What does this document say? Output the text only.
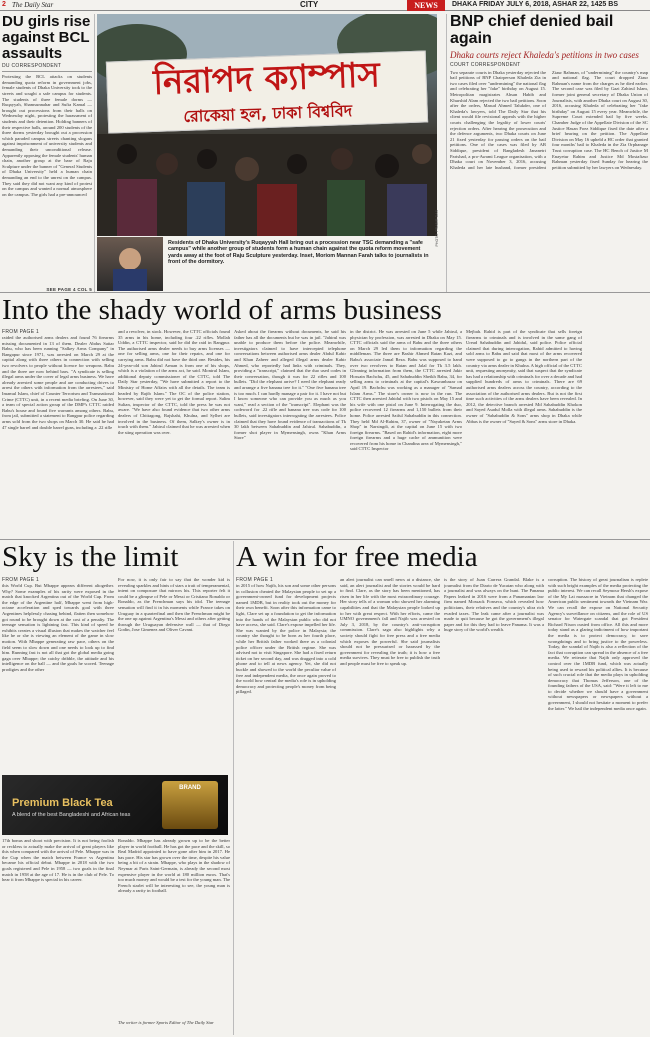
2 The Daily Star	CITY	DHAKA FRIDAY JULY 6, 2018, ASHAR 22, 1425 BS
NEWS
DU girls rise against BCL assaults
DU CORRESPONDENT
Protesting the BCL attacks on students demanding quota reform in government jobs, female students of Dhaka University took to the streets and sought a safe campus for students. The students of three female dorms — Ruqayyah, Shamsunnahar and Sufia Kamal — brought out processions from their halls on Wednesday night, protesting the harassment of students and their detention. Holding banners of their respective halls, around 200 students of the three dorms yesterday brought out a procession which paraded campus streets chanting slogans against imprisonment of university students and demanding their unconditional release. Apparently opposing the female students' human chain, another group at the base of Raju Sculpture under the banner of "General Students of Dhaka University" held a human chain demanding an end to the unrest on the campus. They said they did not want any kind of protest on the campus and wanted a normal atmosphere on the campus. The girls had a pre-announced
SEE PAGE 4 COL 5
নিরাপদ ক্যাম্পাস
রোকেয়া হল, ঢাকা বিশ্ববিদ
PHOTO: PRABIR DAS
Residents of Dhaka University's Ruqayyah Hall bring out a procession near TSC demanding a "safe campus" while another group of students form a human chain against the quota reform movement yards away at the foot of Raju Sculpture yesterday. Inset, Moriom Mannan Farah talks to journalists in front of the dormitory.
BNP chief denied bail again
Dhaka courts reject Khaleda's petitions in two cases
COURT CORRESPONDENT
Two separate courts in Dhaka yesterday rejected the bail petitions of BNP Chairperson Khaleda Zia in two cases filed over "undermining" the national flag and celebrating her "fake" birthday on August 15. Metropolitan magistrates Ahsan Habib and Khurshid Alam rejected the two bail petitions. Soon after the orders, Masud Ahmed Talukder, one of Khaleda's lawyers, told The Daily Star that his client would file revisional appeals with the higher courts challenging the legality of lower courts' rejection orders. After hearing the prosecution and the defence arguments, two Dhaka courts on June 21 fixed yesterday for passing orders on the bail petitions. One of the cases was filed by AB Siddique, president of Bangladesh Jananetri Parishad, a pro-Awami League organisation, with a Dhaka court on November 3, 2016, accusing Khaleda and her late husband, former president Ziaur Rahman, of "undermining" the country's map and national flag. The court dropped Ziaur Rahman's name from the charges as he died earlier. The second case was filed by Gazi Zahirul Islam, former joint general secretary of Dhaka Union of Journalists, with another Dhaka court on August 30, 2016, accusing Khaleda of celebrating her "fake birthday" on August 15 every year. Meanwhile, the Supreme Court extended bail by five weeks. Chamber Judge of the Appellate Division of the SC Justice Hasan Foez Siddique fixed the date after a brief hearing on the petition. The Appellate Division on May 16 upheld a HC order that granted four months' bail to Khaleda in the Zia Orphanage Trust corruption case. The HC Bench of Justice M Enayetur Rahim and Justice Md Mostafizur Rahman yesterday fixed Sunday for hearing the petition submitted by her lawyers on Wednesday.
Into the shady world of arms business
FROM PAGE 1
raided the authorised arms dealers and found 76 firearms missing documented in 13 of them. Dealer Abdus Sattar Babu, who has been running "Salkey Arms Company" in Bangapur since 1971, was arrested on March 29 at the capital along with three others in connection with selling two revolvers to people without licence for weapons. Babu and the three are now behind bars. "A syndicate is selling illegal arms under the cover of legal arms business. We have already arrested some people and are conducting drives to arrest the others with information from the arrestees," said Imamul Islam, chief of Counter Terrorism and Transnational Crime (CTTC) unit, in a recent media briefing. On June 30, a team of special action group of the DMP's CTTC raided Babu's house and found five warrants among others. Babu, from jail, submitted a statement to Rangpur police regarding arms sold from the two shops on March 30. He said he had 47 single barrel and double barrel guns, including a .22 rifle
and a revolver, in stock. However, the CTTC officials found 35 arms in his home, including four .22 rifles. Mollah Uddin, a CTTC inspector, said he did the raid in Rangpur. The authorised arms dealer needs to buy arms licenses — one for selling arms, one for their repairs, and one for carrying arms. Babu did not have the third one. Besides, his 24-year-old son Jahirul Arman is from one of his shops, which is a violation of the arms act, he said. Monirul Islam, additional deputy commissioner of the CTTC, told The Daily Star yesterday, "We have submitted a report to the Ministry of Home Affairs with all the details. The team is headed by Rajib Islam." The OC of the police station, however, said they were yet to get the formal report. Salim Sultan, inspector of the CTTC, told the press he was not aware. "We have also found evidence that two other arms dealers of Chittagong, Rajshahi, Khulna, and Sylhet are involved in the business. Of them, Salkey's owner is in touch with them." Jahirul claimed that he was arrested when the sting operation was over.
Asked about the firearms without documents, he said his father has all the documents but he was in jail. "Jahirul was unable to produce them before the police. Meanwhile, investigators claimed to have intercepted telephone conversations between authorised arms dealer Abdul Kabir and Khan Zaheer and alleged illegal arms dealer Kabir Ahmed, who reportedly had links with criminals. They, providing a "transcript," claimed that the duo used codes in their conversation, though it was for 22 rifles and 100 bullets. "Did the elephant arrive? I need the elephant ready and arrange a five banana tree for it." "One five banana tree is too much. I can hardly manage a pair for it. I have not but I know someone who can provide you as much as you want," read a section of the "transcript". Elephant was the codeword for .22 rifle and banana tree was code for 100 bullets, said investigators interrogating the arrestees. Police claimed that they have found evidence of transactions of Tk 30 lakh between Sahabuddin and Jahirul. Sahabuddin, a former shot player in Mymensingh, owns "Khan Arms Store"
in the district. He was arrested on June 5 while Jahirul, a physician by profession, was arrested in Dhaka on May 15. CTTC officials said the arms of Babu and the three others on March 29 led them to information regarding the middleman. The three are Bashir Ahmed Ratan Kazi, and Babu's associate Jamal Reza. Babu was supposed to hand over two revolvers to Ratan and Jalal for Tk 3.5 lakh. Gleaning information from them, the CTTC arrested Jakir Hossain Bachchu, 45, and Sahabuddin Sheikh Babu, 34, for selling arms to criminals at the capital's Kawranbazar on April 19. Bachchu was working as a manager of "Samad Islam Arms." The store's owner is now in the run. The CTTC then arrested Jahidul with two pistols on May 15 and his wife with one pistol on June 9. Interrogating the duo, police recovered 12 firearms and 1,150 bullets from their home. Police arrested Saiful Sahabuddin in this connection. They held Md Al-Rahim, 37, owner of "Nayaketan Arms Shop" in Narsingdi, at the capital on June 15 with two foreign firearms. "Based on Rahid's information, eight more foreign firearms and a huge cache of ammunition were recovered from his home in Chandina area of Mymensingh," said CTTC Inspector
Mejbah. Rahid is part of the syndicate that sells foreign firearms to criminals and is involved in the same gang of Uread Sahabuddin and Jahidul, said police. Police official claimed that during interrogation, Rahid admitted to having sold arms to Babu and said that most of the arms recovered were supposed to go to gangs in the northern part of the country via arms dealer in Khulna. A high official of the CTTC unit, requesting anonymity, said that suspect that the syndicate has had a relationship with criminals for over a decade and had supplied hundreds of arms to criminals. There are 69 authorised arms dealers across the country, according to the association of the authorised arms dealers. But is not the first time such activities of the arms dealers have been revealed. In 2012, the detective branch arrested Md Sahabuddin Khokon and Sayed Asadul Molla with illegal arms. Sahabuddin is the owner of "Sahabuddin & Sons" arms shop in Dhaka while Abbas is the owner of "Sayed & Sons" arms store in Dhaka.
Sky is the limit
FROM PAGE 1
this World Cup. But Mbappe appears different altogether. Why? Some examples of his rarity were exposed in the match that knocked Argentina out of the World Cup. From the edge of the Argentine half, Mbappe went from high-octane acceleration and sped towards goal with three Argentines helplessly chasing behind, flatten then somehow got round to be brought down at the cost of a penalty. The teenage sensation is lightning fast. This kind of speed he exhibits creates a visual illusion that makes the watcher feel like he or she is viewing an element of the game in slow motion. With Mbappe generating raw pace, others on the field seem to slow down and one needs to look up to find him. Running fast is not all that got the global media going gaga over Mbappe; the catchy dribble, the attitude and his intelligence on the ball — and the goals he scored. Teenage prodigies and the other
For now, it is only fair to say that the wonder kid is revealing sparkles and hints of stars a trait of temperamental, intent on composure that mirrors his. This reporter felt it could be a glimpse of Pele or Messi or Cristiano Ronaldo or Ronaldo, as the Frenchman says his idol. The teenage sensation will find it in his moments while France takes on Uruguay in a quarterfinal and then the Frenchman might be the one up against Argentina's Messi and others after getting through the Uruguayan defensive wall — that of Diego Godin, Jose Gimenez and Oliver Cavani.
BRAND
Premium Black Tea
A blend of the best Bangladeshi and African teas
17th bonus and shoot with precision. It is not being foolish or reckless to actually make the arrival of great players like this when compared with the arrival of Pele. Mbappe was in the Cup when the match between France vs Argentina became his official debut. Mbappe in 2018 with the two goals registered and Pele in 1958 — two goals in the final match in 1958 at the age of 17. He is in the club of Pele. To hear it from Mbappe is special in his career.
Ronaldo. Mbappe has already grown up to be the better player in world football. He has got the pace and the skill, so Real Madrid appointed to have gone after him in 2017. He has pace. His star has grown over the time, despite his value being a bit of a strain. Mbappe, who plays in the shadow of Neymar at Paris Saint-Germain, is already the second most expensive player in the world at 180 million euros. That's too much money and would be a test for the young man. The French starlet will be interesting to see, the young man is already a rarity in football.
The writer is former Sports Editor of The Daily Star
A win for free media
FROM PAGE 1
in 2015 of how Najib, his son and some other persons in collusion cheated the Malaysian people to set up a government-owned fund for development projects named 1MDB, but in reality took out the money for their own benefit. Soon after this information came to light, Clare set up a foundation to get the information into the hands of the Malaysian public who did not have access, she said. Clare's expose impelled her life. She was wanted by the police in Malaysia; the country she thought to be born as her fourth place, while her British father worked there as a colonial police officer under the British regime. She was advised not to visit Singapore. She had a fixed return ticket on her second day, and was dragged into a cold phone and to tell at news agency. Yet, she did not buckle and showed to the world the peculiar value of free and independent media, the once again proved to the world how central the media's role is in upholding democracy and protecting people's money from being pillaged.
an alert journalist can smell news at a distance, she said, an alert journalist and the stories would be hard to find. Clare, as the story has been mentioned, has risen in her life with the most extraordinary courage. Her story tells of a woman who showed her alarming capabilities and that the Malaysian people looked up to her with great respect. With her efforts, came the UMNO government's fall and Najib was arrested on July 3, 2018, by the country's anti-corruption commission. Clare's saga also highlights why a society should fight for free press and a free media which exposes the powerful. She said journalists should not be pressurised or harassed by the government for revealing the truth; it is how a free media survives. They must be free to publish the truth and people must be free to speak up.
is the story of Juan Carrera Grandal. Blake is a journalist from the Diario de Yucatan who along with a journalist and was always on the hunt. The Panama Papers leaked in 2016 were from a Panamanian law firm named Mossack Fonseca, which revealed how politicians, their relatives and the country's ultra rich evaded taxes. The leak came after a journalist was made to quit because he got the government's illegal paper and for this they had to leave Panama. It was a huge story of the world's wealth.
corruption. The history of great journalism is replete with such bright examples of the media protecting the public interest. We can recall Seymour Hersh's expose of the My Lai massacre in Vietnam that changed the American public sentiment towards the Vietnam War. We can recall the expose on National Security Agency's surveillance on citizens, and the role of US senator for Watergate scandal that got President Richard Nixon ousted from office. All this and more today stand as a glaring indictment of how important the media is to protect democracy, to save wrongdoings and to bring justice to the powerless. Today, the scandal of Najib is also a reflection of the fact that corruption can spread in the absence of a free media. We reiterate that Najib only approved the control over the 1MDB fund, which was actually being used to reward his political allies. It is because of such crucial role that the media plays in upholding democracy that Thomas Jefferson, one of the founding fathers of the USA, said: "Were it left to me to decide whether we should have a government without newspapers or newspapers without a government, I should not hesitate a moment to prefer the latter." We hail the independent media once again.
